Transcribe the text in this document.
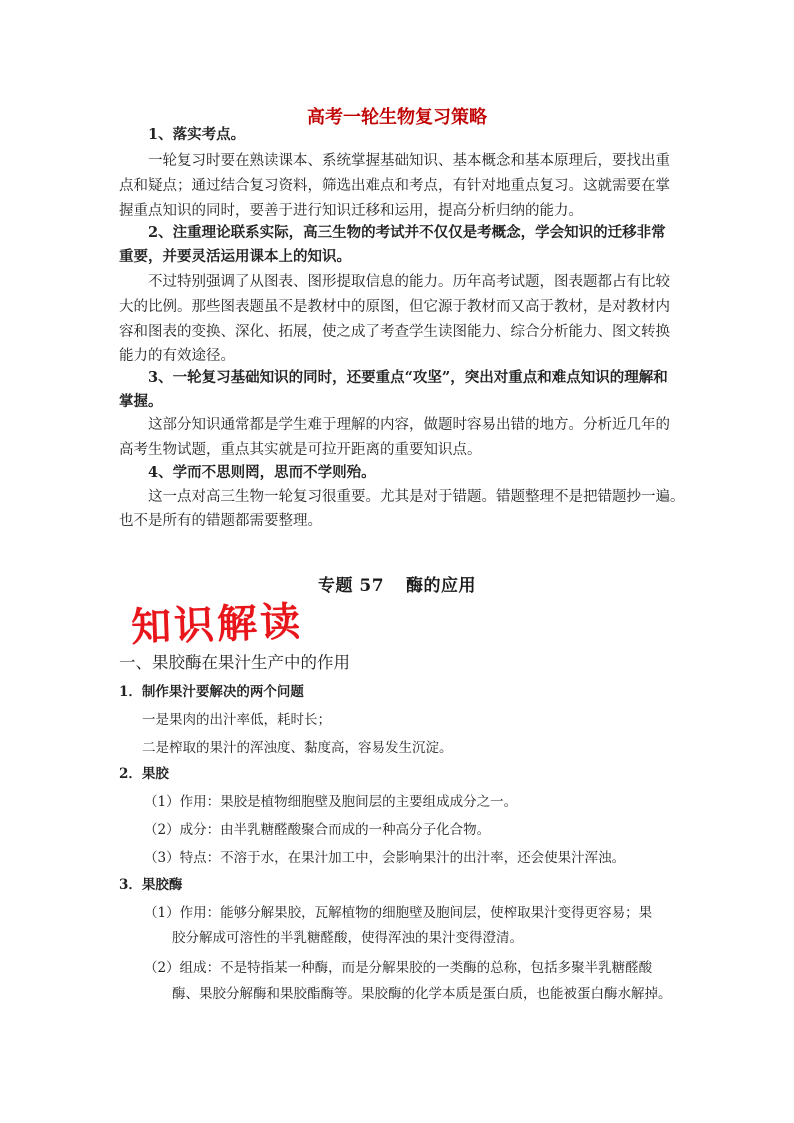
高考一轮生物复习策略
1、落实考点。
一轮复习时要在熟读课本、系统掌握基础知识、基本概念和基本原理后，要找出重
点和疑点；通过结合复习资料，筛选出难点和考点，有针对地重点复习。这就需要在掌
握重点知识的同时，要善于进行知识迁移和运用，提高分析归纳的能力。
2、注重理论联系实际，高三生物的考试并不仅仅是考概念，学会知识的迁移非常
重要，并要灵活运用课本上的知识。
不过特别强调了从图表、图形提取信息的能力。历年高考试题，图表题都占有比较
大的比例。那些图表题虽不是教材中的原图，但它源于教材而又高于教材，是对教材内
容和图表的变换、深化、拓展，使之成了考查学生读图能力、综合分析能力、图文转换
能力的有效途径。
3、一轮复习基础知识的同时，还要重点“攻坚”，突出对重点和难点知识的理解和
掌握。
这部分知识通常都是学生难于理解的内容，做题时容易出错的地方。分析近几年的
高考生物试题，重点其实就是可拉开距离的重要知识点。
4、学而不思则罔，思而不学则殆。
这一点对高三生物一轮复习很重要。尤其是对于错题。错题整理不是把错题抄一遍。
也不是所有的错题都需要整理。
专题 57 酶的应用
知识解读
一、果胶酶在果汁生产中的作用
1．制作果汁要解决的两个问题
一是果肉的出汁率低，耗时长；
二是榨取的果汁的浑浊度、黏度高，容易发生沉淀。
2．果胶
（1）作用：果胶是植物细胞壁及胞间层的主要组成成分之一。
（2）成分：由半乳糖醛酸聚合而成的一种高分子化合物。
（3）特点：不溶于水，在果汁加工中，会影响果汁的出汁率，还会使果汁浑浊。
3．果胶酶
（1）作用：能够分解果胶，瓦解植物的细胞壁及胞间层，使榨取果汁变得更容易；果
胶分解成可溶性的半乳糖醛酸，使得浑浊的果汁变得澄清。
（2）组成：不是特指某一种酶，而是分解果胶的一类酶的总称，包括多聚半乳糖醛酸
酶、果胶分解酶和果胶酯酶等。果胶酶的化学本质是蛋白质，也能被蛋白酶水解掉。
